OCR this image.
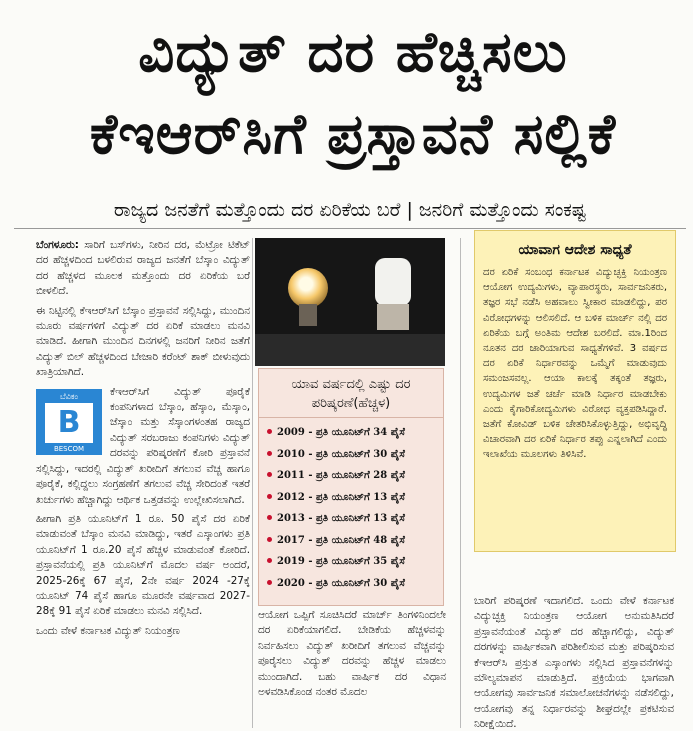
ವಿದ್ಯುತ್ ದರ ಹೆಚ್ಚಿಸಲು
ಕೆಇಆರ್‌ಸಿಗೆ ಪ್ರಸ್ತಾವನೆ ಸಲ್ಲಿಕೆ
ರಾಜ್ಯದ ಜನತೆಗೆ ಮತ್ತೊಂದು ದರ ಏರಿಕೆಯ ಬರೆ | ಜನರಿಗೆ ಮತ್ತೊಂದು ಸಂಕಷ್ಟ

ಬೆಂಗಳೂರು: ಸಾರಿಗೆ ಬಸ್‌ಗಳು, ನೀರಿನ ದರ, ಮೆಟ್ರೋ ಟಿಕೆಟ್ ದರ ಹೆಚ್ಚಳದಿಂದ ಬಳಲಿರುವ ರಾಜ್ಯದ ಜನತೆಗೆ ಬೆಸ್ಕಾಂ ವಿದ್ಯುತ್ ದರ ಹೆಚ್ಚಳದ ಮೂಲಕ ಮತ್ತೊಂದು ದರ ಏರಿಕೆಯ ಬರೆ ಬೀಳಲಿದೆ.

ಈ ನಿಟ್ಟಿನಲ್ಲಿ ಕೆಇಆರ್‌ಸಿಗೆ ಬೆಸ್ಕಾಂ ಪ್ರಸ್ತಾವನೆ ಸಲ್ಲಿಸಿದ್ದು, ಮುಂದಿನ ಮೂರು ವರ್ಷಗಳಿಗೆ ವಿದ್ಯುತ್ ದರ ಏರಿಕೆ ಮಾಡಲು ಮನವಿ ಮಾಡಿದೆ. ಹೀಗಾಗಿ ಮುಂದಿನ ದಿನಗಳಲ್ಲಿ ಜನರಿಗೆ ನೀರಿನ ಜತೆಗೆ ವಿದ್ಯುತ್ ಬಿಲ್ ಹೆಚ್ಚಳದಿಂದ ಬೇಜಾರಿ ಕರೆಂಟ್ ಶಾಕ್ ಬೀಳುವುದು ಖಾತ್ರಿಯಾಗಿದೆ.

ಬೆವಿಕಂ
B
BESCOM
ಕೆಇಆರ್‌ಸಿಗೆ ವಿದ್ಯುತ್ ಪೂರೈಕೆ ಕಂಪನಿಗಳಾದ ಬೆಸ್ಕಾಂ, ಹೆಸ್ಕಾಂ, ಮೆಸ್ಕಾಂ, ಜೆಸ್ಕಾಂ ಮತ್ತು ಸೆಸ್ಕಾಂಗಳಂತಹ ರಾಜ್ಯದ ವಿದ್ಯುತ್ ಸರಬರಾಜು ಕಂಪನಿಗಳು ವಿದ್ಯುತ್ ದರವನ್ನು ಪರಿಷ್ಕರಣೆಗೆ ಕೋರಿ ಪ್ರಸ್ತಾವನೆ ಸಲ್ಲಿಸಿದ್ದು, ಇದರಲ್ಲಿ ವಿದ್ಯುತ್ ಖರೀದಿಗೆ ತಗಲುವ ವೆಚ್ಚ ಹಾಗೂ ಪೂರೈಕೆ, ಕಲ್ಲಿದ್ದಲು ಸಂಗ್ರಹಣೆಗೆ ತಗಲುವ ವೆಚ್ಚ ಸೇರಿದಂತೆ ಇತರೆ ಖರ್ಚುಗಳು ಹೆಚ್ಚಾಗಿದ್ದು ಆರ್ಥಿಕ ಒತ್ತಡವನ್ನು ಉಲ್ಲೇಖಿಸಲಾಗಿದೆ.

ಹೀಗಾಗಿ ಪ್ರತಿ ಯೂನಿಟ್‌ಗೆ 1 ರೂ. 50 ಪೈಸೆ ದರ ಏರಿಕೆ ಮಾಡುವಂತೆ ಬೆಸ್ಕಾಂ ಮನವಿ ಮಾಡಿದ್ದು, ಇತರೆ ಎಸ್ಕಾಂಗಳು ಪ್ರತಿ ಯೂನಿಟ್‌ಗೆ 1 ರೂ.20 ಪೈಸೆ ಹೆಚ್ಚಳ ಮಾಡುವಂತೆ ಕೋರಿದೆ. ಪ್ರಸ್ತಾವನೆಯಲ್ಲಿ ಪ್ರತಿ ಯೂನಿಟ್‌ಗೆ ಮೊದಲ ವರ್ಷ ಅಂದರೆ, 2025-26ಕ್ಕೆ 67 ಪೈಸೆ, 2ನೇ ವರ್ಷ 2024 -27ಕ್ಕೆ ಯೂನಿಟ್ 74 ಪೈಸೆ ಹಾಗೂ ಮೂರನೇ ವರ್ಷವಾದ 2027-28ಕ್ಕೆ 91 ಪೈಸೆ ಏರಿಕೆ ಮಾಡಲು ಮನವಿ ಸಲ್ಲಿಸಿದೆ.

ಒಂದು ವೇಳೆ ಕರ್ನಾಟಕ ವಿದ್ಯುತ್ ನಿಯಂತ್ರಣ

ಯಾವ ವರ್ಷದಲ್ಲಿ ಎಷ್ಟು ದರ ಪರಿಷ್ಕರಣೆ(ಹೆಚ್ಚಳ)
2009 - ಪ್ರತಿ ಯೂನಿಟ್‌ಗೆ 34 ಪೈಸೆ
2010 - ಪ್ರತಿ ಯೂನಿಟ್‌ಗೆ 30 ಪೈಸೆ
2011 - ಪ್ರತಿ ಯೂನಿಟ್‌ಗೆ 28 ಪೈಸೆ
2012 - ಪ್ರತಿ ಯೂನಿಟ್‌ಗೆ 13 ಪೈಸೆ
2013 - ಪ್ರತಿ ಯೂನಿಟ್‌ಗೆ 13 ಪೈಸೆ
2017 - ಪ್ರತಿ ಯೂನಿಟ್‌ಗೆ 48 ಪೈಸೆ
2019 - ಪ್ರತಿ ಯೂನಿಟ್‌ಗೆ 35 ಪೈಸೆ
2020 - ಪ್ರತಿ ಯೂನಿಟ್‌ಗೆ 30 ಪೈಸೆ

ಆಯೋಗ ಒಪ್ಪಿಗೆ ಸೂಚಿಸಿದರೆ ಮಾರ್ಚ್ ತಿಂಗಳಿನಿಂದಲೇ ದರ ಏರಿಕೆಯಾಗಲಿದೆ. ಬೇಡಿಕೆಯ ಹೆಚ್ಚಳವನ್ನು ನಿರ್ವಹಿಸಲು ವಿದ್ಯುತ್ ಖರೀದಿಗೆ ತಗಲುವ ವೆಚ್ಚವನ್ನು ಪೂರೈಸಲು ವಿದ್ಯುತ್ ದರವನ್ನು ಹೆಚ್ಚಳ ಮಾಡಲು ಮುಂದಾಗಿದೆ. ಬಹು ವಾರ್ಷಿಕ ದರ ವಿಧಾನ ಅಳವಡಿಸಿಕೊಂಡ ನಂತರ ಮೊದಲ

ಯಾವಾಗ ಆದೇಶ ಸಾಧ್ಯತೆ
ದರ ಏರಿಕೆ ಸಂಬಂಧ ಕರ್ನಾಟಕ ವಿದ್ಯುಚ್ಛಕ್ತಿ ನಿಯಂತ್ರಣ ಆಯೋಗ ಉದ್ಯಮಿಗಳು, ವ್ಯಾಪಾರಸ್ಥರು, ಸಾರ್ವಜನಿಕರು, ತಜ್ಞರ ಸಭೆ ನಡೆಸಿ ಅಹವಾಲು ಸ್ವೀಕಾರ ಮಾಡಲಿದ್ದು, ಪರ ವಿರೋಧಗಳನ್ನು ಆಲಿಸಲಿದೆ. ಆ ಬಳಿಕ ಮಾರ್ಚ್ ನಲ್ಲಿ ದರ ಏರಿಕೆಯ ಬಗ್ಗೆ ಅಂತಿಮ ಆದೇಶ ಬರಲಿದೆ. ಮಾ.1ರಿಂದ ನೂತನ ದರ ಜಾರಿಯಾಗುವ ಸಾಧ್ಯತೆಗಳಿವೆ. 3 ವರ್ಷದ ದರ ಏರಿಕೆ ನಿರ್ಧಾರವನ್ನು ಒಮ್ಮೆಗೆ ಮಾಡುವುದು ಸಮಂಜಸವಲ್ಲ. ಆಯಾ ಕಾಲಕ್ಕೆ ತಕ್ಕಂತೆ ತಜ್ಞರು, ಉದ್ಯಮಿಗಳ ಜತೆ ಚರ್ಚೆ ಮಾಡಿ ನಿರ್ಧಾರ ಮಾಡಬೇಕು ಎಂದು ಕೈಗಾರಿಕೋದ್ಯಮಿಗಳು ವಿರೋಧ ವ್ಯಕ್ತಪಡಿಸಿದ್ದಾರೆ. ಜತೆಗೆ ಕೋವಿಡ್ ಬಳಿಕ ಚೇತರಿಸಿಕೊಳ್ಳುತ್ತಿದ್ದು, ಅಭಿವೃದ್ಧಿ ವಿಚಾರವಾಗಿ ದರ ಏರಿಕೆ ನಿರ್ಧಾರ ತಪ್ಪು ಎನ್ನಲಾಗಿದೆ ಎಂದು ಇಲಾಖೆಯ ಮೂಲಗಳು ತಿಳಿಸಿವೆ.

ಬಾರಿಗೆ ಪರಿಷ್ಕರಣೆ ಇದಾಗಲಿದೆ. ಒಂದು ವೇಳೆ ಕರ್ನಾಟಕ ವಿದ್ಯುಚ್ಛಕ್ತಿ ನಿಯಂತ್ರಣ ಆಯೋಗ ಅನುಮತಿಸಿದರೆ ಪ್ರಸ್ತಾವನೆಯಂತೆ ವಿದ್ಯುತ್ ದರ ಹೆಚ್ಚಾಗಲಿದ್ದು, ವಿದ್ಯುತ್ ದರಗಳನ್ನು ವಾರ್ಷಿಕವಾಗಿ ಪರಿಶೀಲಿಸುವ ಮತ್ತು ಪರಿಷ್ಕರಿಸುವ ಕೆಇಆರ್‌ಸಿ ಪ್ರಸ್ತುತ ಎಸ್ಕಾಂಗಳು ಸಲ್ಲಿಸಿದ ಪ್ರಸ್ತಾವನೆಗಳನ್ನು ಮೌಲ್ಯಮಾಪನ ಮಾಡುತ್ತಿದೆ. ಪ್ರಕ್ರಿಯೆಯ ಭಾಗವಾಗಿ ಆಯೋಗವು ಸಾರ್ವಜನಿಕ ಸಮಾಲೋಚನೆಗಳನ್ನು ನಡೆಸಲಿದ್ದು, ಆಯೋಗವು ತನ್ನ ನಿರ್ಧಾರವನ್ನು ಶೀಘ್ರದಲ್ಲೇ ಪ್ರಕಟಿಸುವ ನಿರೀಕ್ಷೆಯಿದೆ.
